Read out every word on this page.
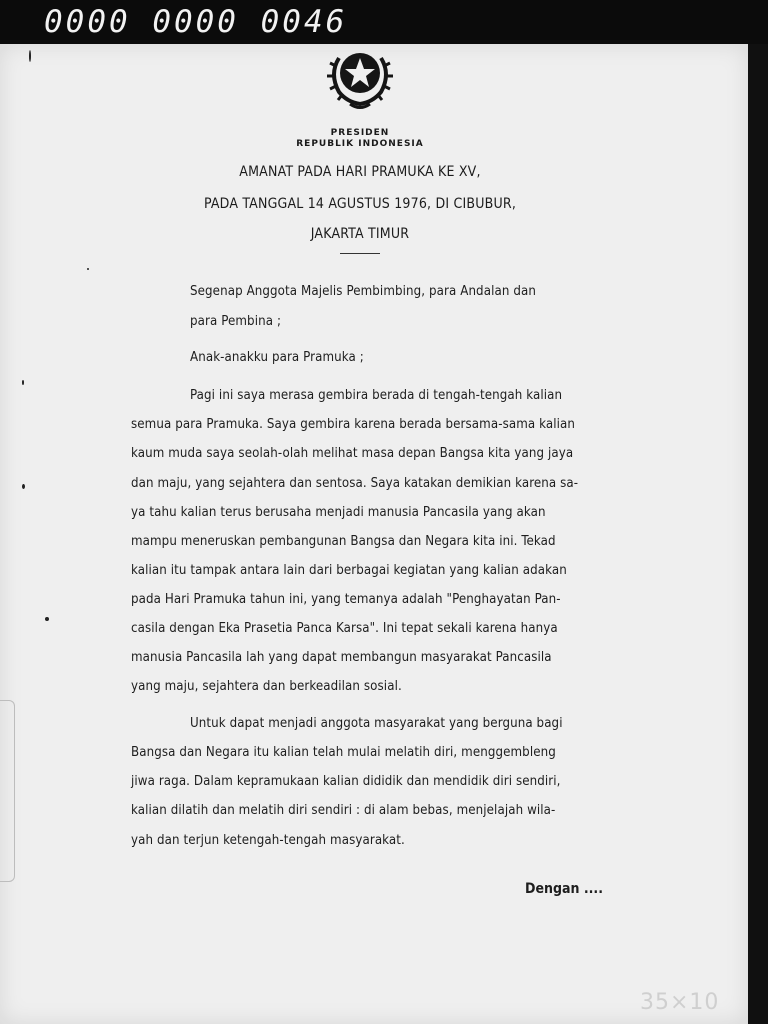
0000 0000 0046
PRESIDEN
REPUBLIK INDONESIA
AMANAT PADA HARI PRAMUKA KE XV,
PADA TANGGAL 14 AGUSTUS 1976, DI CIBUBUR,
JAKARTA TIMUR
Segenap Anggota Majelis Pembimbing, para Andalan dan
para Pembina ;
Anak-anakku para Pramuka ;
Pagi ini saya merasa gembira berada di tengah-tengah kalian
semua para Pramuka. Saya gembira karena berada bersama-sama kalian
kaum muda saya seolah-olah melihat masa depan Bangsa kita yang jaya
dan maju, yang sejahtera dan sentosa. Saya katakan demikian karena sa-
ya tahu kalian terus berusaha menjadi manusia Pancasila yang akan
mampu meneruskan pembangunan Bangsa dan Negara kita ini. Tekad
kalian itu tampak antara lain dari berbagai kegiatan yang kalian adakan
pada Hari Pramuka tahun ini, yang temanya adalah "Penghayatan Pan-
casila dengan Eka Prasetia Panca Karsa". Ini tepat sekali karena hanya
manusia Pancasila lah yang dapat membangun masyarakat Pancasila
yang maju, sejahtera dan berkeadilan sosial.
Untuk dapat menjadi anggota masyarakat yang berguna bagi
Bangsa dan Negara itu kalian telah mulai melatih diri, menggembleng
jiwa raga. Dalam kepramukaan kalian dididik dan mendidik diri sendiri,
kalian dilatih dan melatih diri sendiri : di alam bebas, menjelajah wila-
yah dan terjun ketengah-tengah masyarakat.
Dengan ....
35×10
